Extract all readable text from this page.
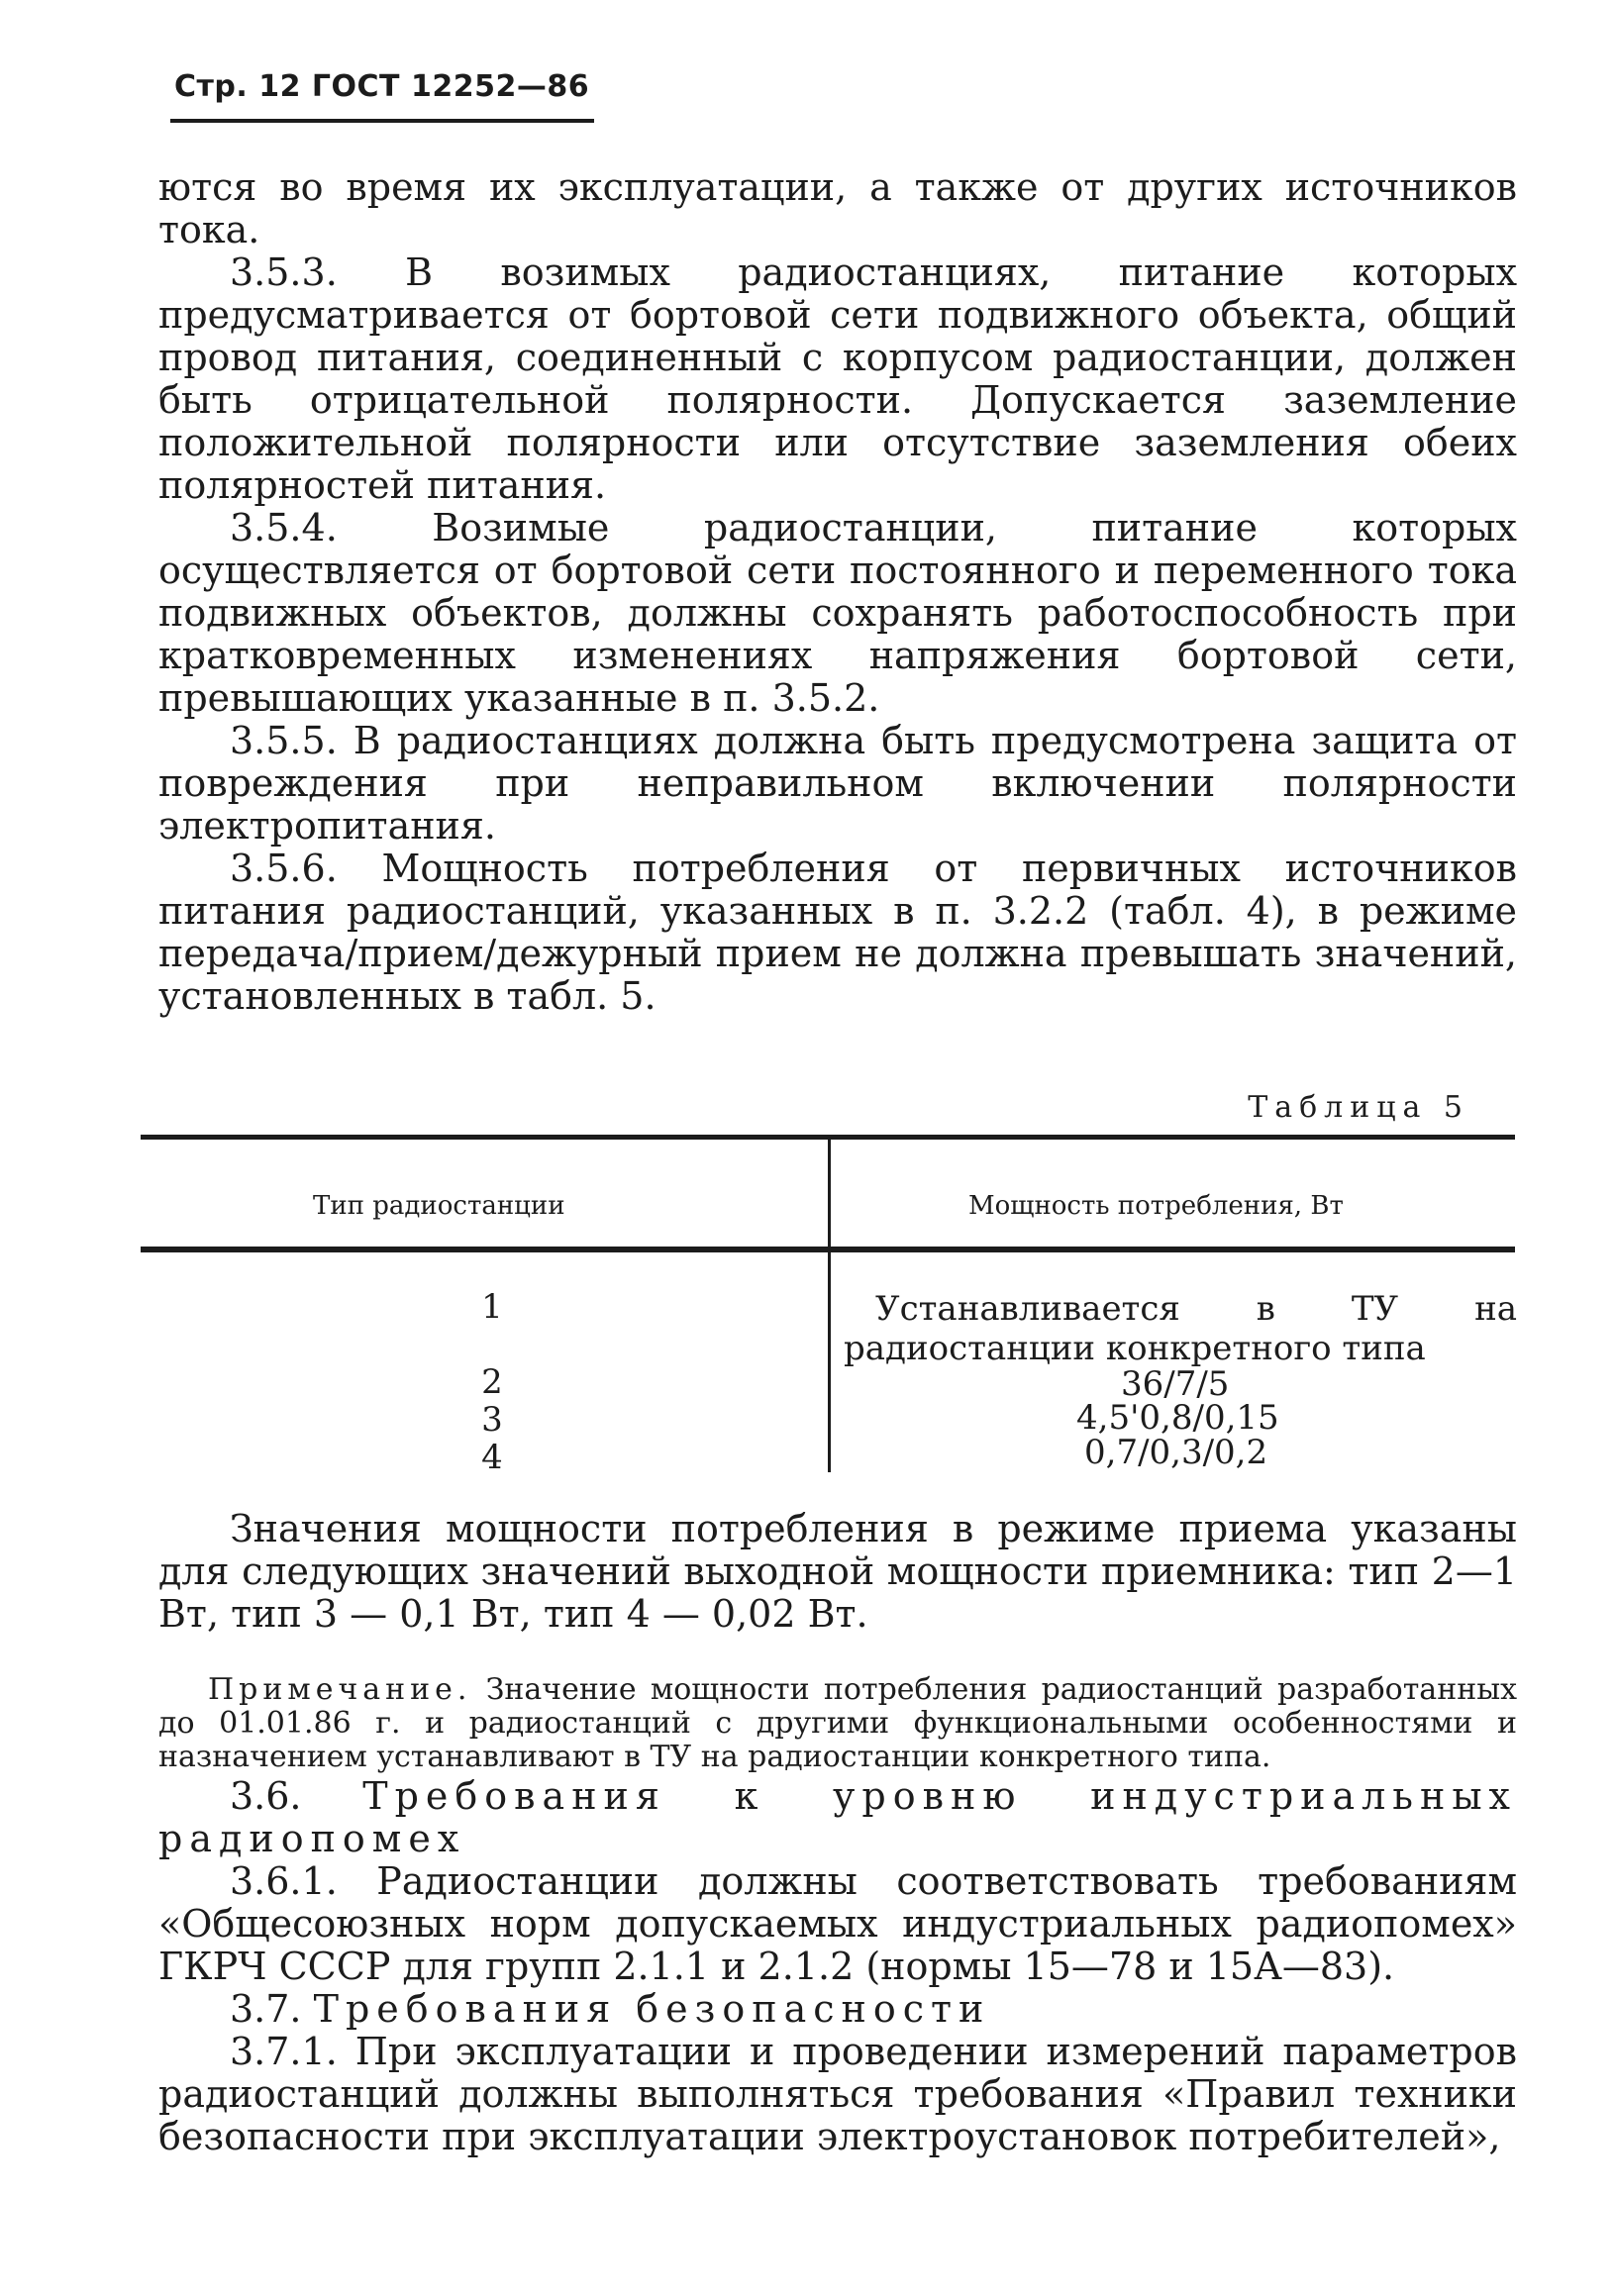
Стр. 12 ГОСТ 12252—86

ются во время их эксплуатации, а также от других источников тока.

3.5.3. В возимых радиостанциях, питание которых предусматривается от бортовой сети подвижного объекта, общий провод питания, соединенный с корпусом радиостанции, должен быть отрицательной полярности. Допускается заземление положительной полярности или отсутствие заземления обеих полярностей питания.

3.5.4. Возимые радиостанции, питание которых осуществляется от бортовой сети постоянного и переменного тока подвижных объектов, должны сохранять работоспособность при кратковременных изменениях напряжения бортовой сети, превышающих указанные в п. 3.5.2.

3.5.5. В радиостанциях должна быть предусмотрена защита от повреждения при неправильном включении полярности электропитания.

3.5.6. Мощность потребления от первичных источников питания радиостанций, указанных в п. 3.2.2 (табл. 4), в режиме передача/прием/дежурный прием не должна превышать значений, установленных в табл. 5.

Таблица 5
Тип радиостанции	Мощность потребления, Вт
1	Устанавливается в ТУ на радиостанции конкретного типа
2	36/7/5
3	4,5'0,8/0,15
4	0,7/0,3/0,2

Значения мощности потребления в режиме приема указаны для следующих значений выходной мощности приемника: тип 2—1 Вт, тип 3 — 0,1 Вт, тип 4 — 0,02 Вт.

Примечание. Значение мощности потребления радиостанций разработанных до 01.01.86 г. и радиостанций с другими функциональными особенностями и назначением устанавливают в ТУ на радиостанции конкретного типа.

3.6. Требования к уровню индустриальных радиопомех

3.6.1. Радиостанции должны соответствовать требованиям «Общесоюзных норм допускаемых индустриальных радиопомех» ГКРЧ СССР для групп 2.1.1 и 2.1.2 (нормы 15—78 и 15А—83).

3.7. Требования безопасности

3.7.1. При эксплуатации и проведении измерений параметров радиостанций должны выполняться требования «Правил техники безопасности при эксплуатации электроустановок потребителей»,
